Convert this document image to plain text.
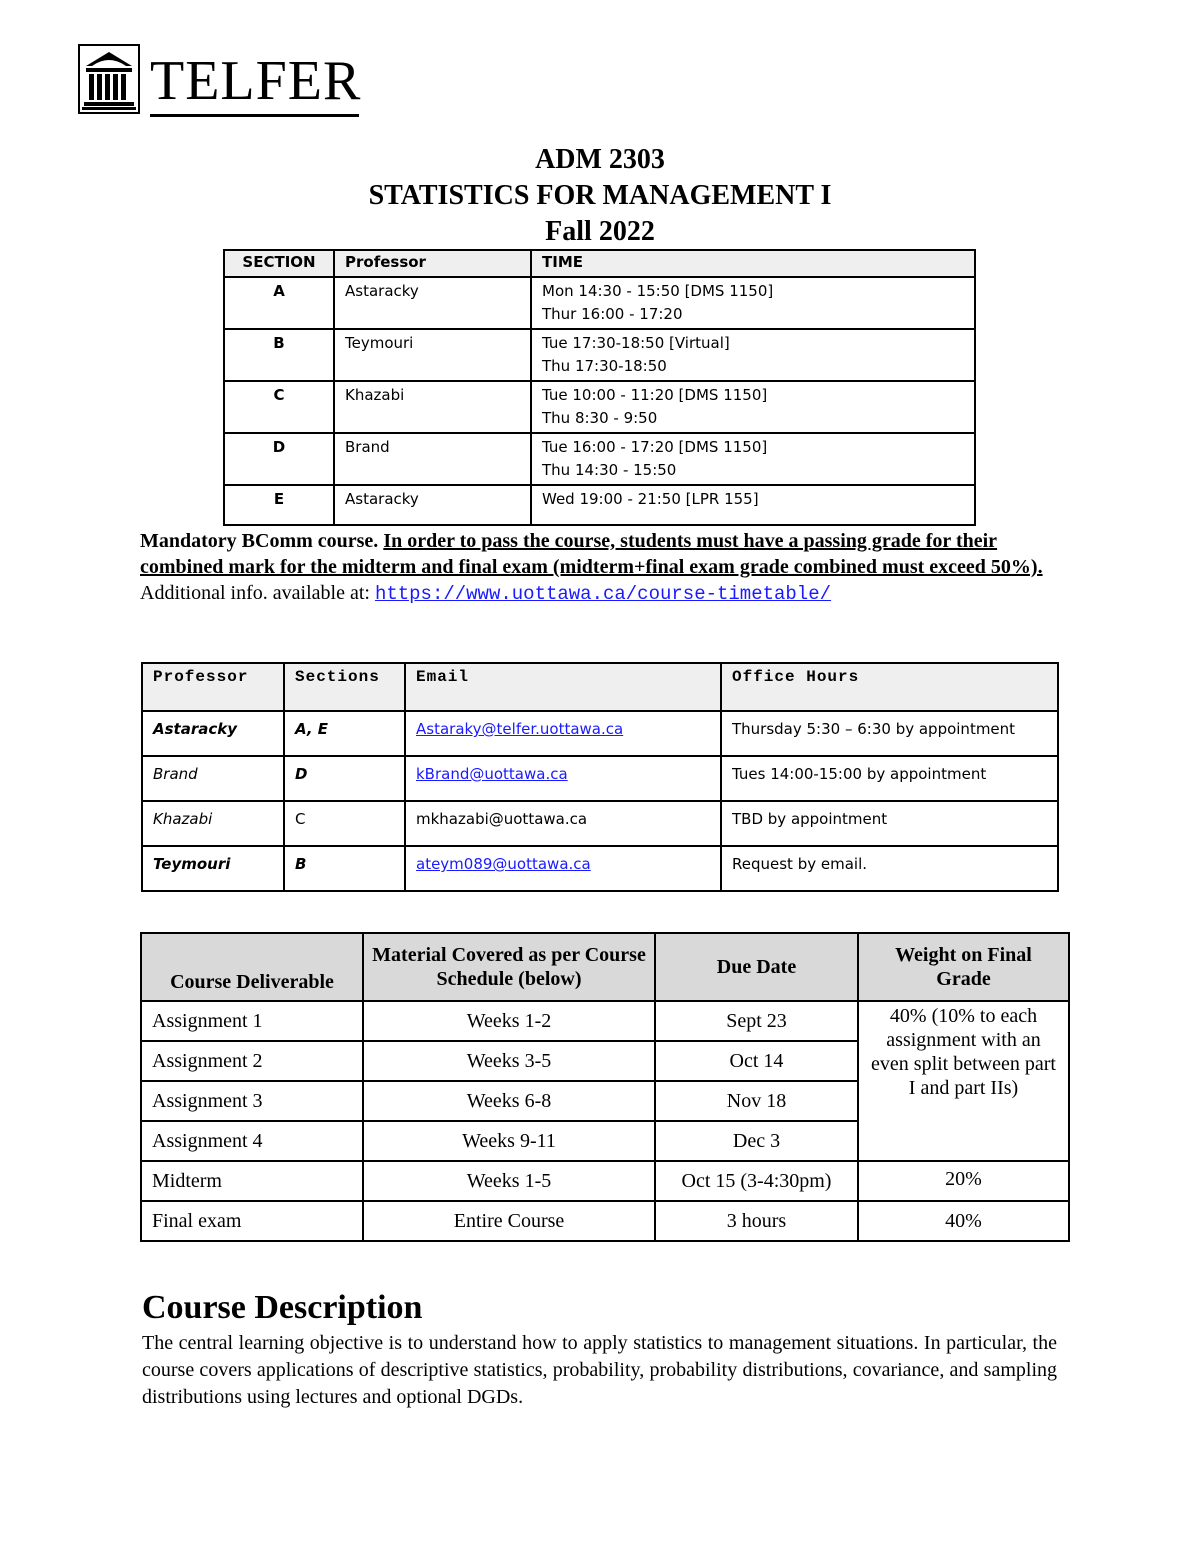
TELFER
ADM 2303
STATISTICS FOR MANAGEMENT I
Fall 2022
SECTION	Professor	TIME
A	Astaracky	Mon 14:30 - 15:50 [DMS 1150]
Thur 16:00 - 17:20

B	Teymouri	Tue 17:30-18:50 [Virtual]
Thu 17:30-18:50

C	Khazabi	Tue 10:00 - 11:20 [DMS 1150]
Thu 8:30 - 9:50

D	Brand	Tue 16:00 - 17:20 [DMS 1150]
Thu 14:30 - 15:50

E	Astaracky	Wed 19:00 - 21:50 [LPR 155]
Mandatory BComm course. In order to pass the course, students must have a passing grade for their combined mark for the midterm and final exam (midterm+final exam grade combined must exceed 50%).
Additional info. available at: https://www.uottawa.ca/course-timetable/
Professor	Sections	Email	Office Hours
Astaracky	A, E	Astaraky@telfer.uottawa.ca	Thursday 5:30 – 6:30 by appointment
Brand	D	kBrand@uottawa.ca	Tues 14:00-15:00 by appointment
Khazabi	C	mkhazabi@uottawa.ca	TBD by appointment
Teymouri	B	ateym089@uottawa.ca	Request by email.
Course Deliverable	Material Covered as per Course Schedule (below)	Due Date	Weight on Final Grade
Assignment 1	Weeks 1-2	Sept 23	40% (10% to each assignment with an even split between part I and part IIs)
Assignment 2	Weeks 3-5	Oct 14	
Assignment 3	Weeks 6-8	Nov 18	
Assignment 4	Weeks 9-11	Dec 3	
Midterm	Weeks 1-5	Oct 15 (3-4:30pm)	20%
Final exam	Entire Course	3 hours	40%
Course Description
The central learning objective is to understand how to apply statistics to management situations. In particular, the course covers applications of descriptive statistics, probability, probability distributions, covariance, and sampling distributions using lectures and optional DGDs.
